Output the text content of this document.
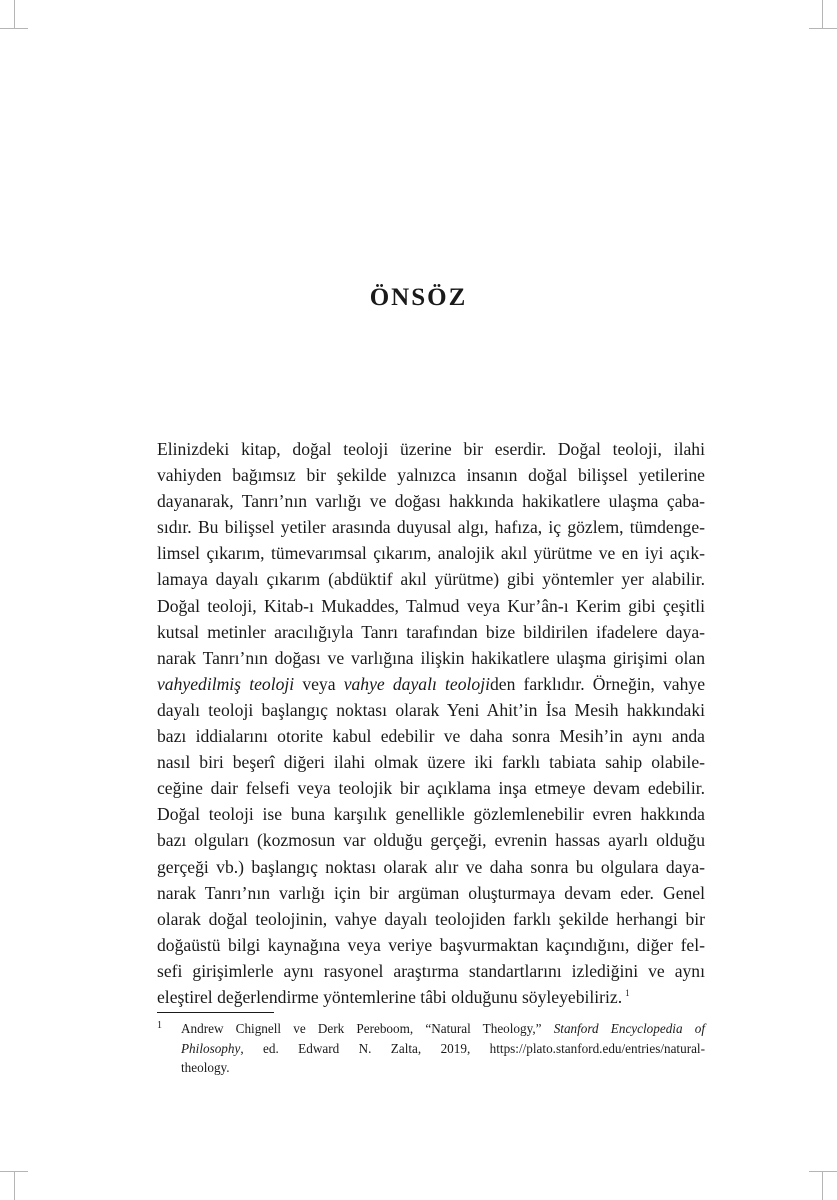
ÖNSÖZ
Elinizdeki kitap, doğal teoloji üzerine bir eserdir. Doğal teoloji, ilahi
vahiyden bağımsız bir şekilde yalnızca insanın doğal bilişsel yetilerine
dayanarak, Tanrı’nın varlığı ve doğası hakkında hakikatlere ulaşma çaba-
sıdır. Bu bilişsel yetiler arasında duyusal algı, hafıza, iç gözlem, tümdenge-
limsel çıkarım, tümevarımsal çıkarım, analojik akıl yürütme ve en iyi açık-
lamaya dayalı çıkarım (abdüktif akıl yürütme) gibi yöntemler yer alabilir.
Doğal teoloji, Kitab-ı Mukaddes, Talmud veya Kur’ân-ı Kerim gibi çeşitli
kutsal metinler aracılığıyla Tanrı tarafından bize bildirilen ifadelere daya-
narak Tanrı’nın doğası ve varlığına ilişkin hakikatlere ulaşma girişimi olan
vahyedilmiş teoloji veya vahye dayalı teolojiden farklıdır. Örneğin, vahye
dayalı teoloji başlangıç noktası olarak Yeni Ahit’in İsa Mesih hakkındaki
bazı iddialarını otorite kabul edebilir ve daha sonra Mesih’in aynı anda
nasıl biri beşerî diğeri ilahi olmak üzere iki farklı tabiata sahip olabile-
ceğine dair felsefi veya teolojik bir açıklama inşa etmeye devam edebilir.
Doğal teoloji ise buna karşılık genellikle gözlemlenebilir evren hakkında
bazı olguları (kozmosun var olduğu gerçeği, evrenin hassas ayarlı olduğu
gerçeği vb.) başlangıç noktası olarak alır ve daha sonra bu olgulara daya-
narak Tanrı’nın varlığı için bir argüman oluşturmaya devam eder. Genel
olarak doğal teolojinin, vahye dayalı teolojiden farklı şekilde herhangi bir
doğaüstü bilgi kaynağına veya veriye başvurmaktan kaçındığını, diğer fel-
sefi girişimlerle aynı rasyonel araştırma standartlarını izlediğini ve aynı
eleştirel değerlendirme yöntemlerine tâbi olduğunu söyleyebiliriz. $^1$
1 Andrew Chignell ve Derk Pereboom, “Natural Theology,” Stanford Encyclopedia of
Philosophy, ed. Edward N. Zalta, 2019, https://plato.stanford.edu/entries/natural-
theology.
